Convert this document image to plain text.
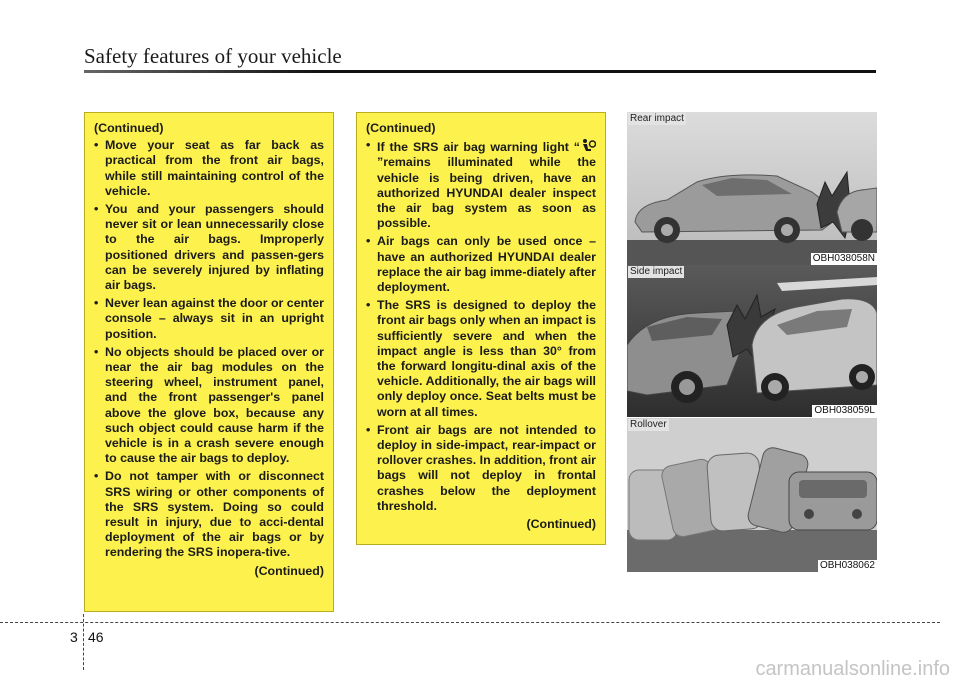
Safety features of your vehicle

(Continued)

• Move your seat as far back as practical from the front air bags, while still maintaining control of the vehicle.
• You and your passengers should never sit or lean unnecessarily close to the air bags. Improperly positioned drivers and passen-gers can be severely injured by inflating air bags.
• Never lean against the door or center console – always sit in an upright position.
• No objects should be placed over or near the air bag modules on the steering wheel, instrument panel, and the front passenger's panel above the glove box, because any such object could cause harm if the vehicle is in a crash severe enough to cause the air bags to deploy.
• Do not tamper with or disconnect SRS wiring or other components of the SRS system. Doing so could result in injury, due to acci-dental deployment of the air bags or by rendering the SRS inopera-tive.

(Continued)

(Continued)

• If the SRS air bag warning light “”remains illuminated while the vehicle is being driven, have an authorized HYUNDAI dealer inspect the air bag system as soon as possible.
• Air bags can only be used once – have an authorized HYUNDAI dealer replace the air bag imme-diately after deployment.
• The SRS is designed to deploy the front air bags only when an impact is sufficiently severe and when the impact angle is less than 30° from the forward longitu-dinal axis of the vehicle. Additionally, the air bags will only deploy once. Seat belts must be worn at all times.
• Front air bags are not intended to deploy in side-impact, rear-impact or rollover crashes. In addition, front air bags will not deploy in frontal crashes below the deployment threshold.

(Continued)

Rear impact
OBH038058N
Side impact
OBH038059L
Rollover
OBH038062
3 46
carmanualsonline.info
